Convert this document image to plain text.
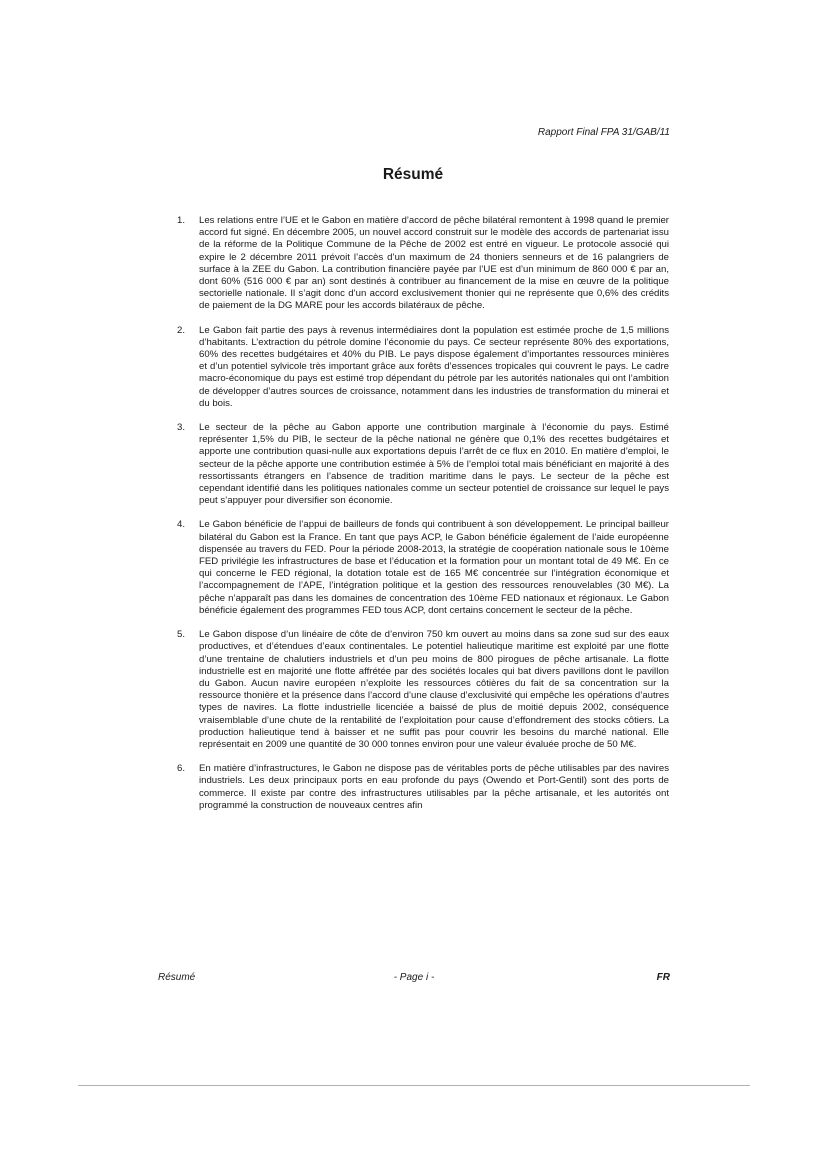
Rapport Final FPA 31/GAB/11
Résumé
1.	Les relations entre l’UE et le Gabon en matière d’accord de pêche bilatéral remontent à 1998 quand le premier accord fut signé. En décembre 2005, un nouvel accord construit sur le modèle des accords de partenariat issu de la réforme de la Politique Commune de la Pêche de 2002 est entré en vigueur. Le protocole associé qui expire le 2 décembre 2011 prévoit l’accès d’un maximum de 24 thoniers senneurs et de 16 palangriers de surface à la ZEE du Gabon. La contribution financière payée par l’UE est d’un minimum de 860 000 € par an, dont 60% (516 000 € par an) sont destinés à contribuer au financement de la mise en œuvre de la politique sectorielle nationale. Il s’agit donc d’un accord exclusivement thonier qui ne représente que 0,6% des crédits de paiement de la DG MARE pour les accords bilatéraux de pêche.
2.	Le Gabon fait partie des pays à revenus intermédiaires dont la population est estimée proche de 1,5 millions d’habitants. L’extraction du pétrole domine l’économie du pays. Ce secteur représente 80% des exportations, 60% des recettes budgétaires et 40% du PIB. Le pays dispose également d’importantes ressources minières et d’un potentiel sylvicole très important grâce aux forêts d’essences tropicales qui couvrent le pays. Le cadre macro-économique du pays est estimé trop dépendant du pétrole par les autorités nationales qui ont l’ambition de développer d’autres sources de croissance, notamment dans les industries de transformation du minerai et du bois.
3.	Le secteur de la pêche au Gabon apporte une contribution marginale à l’économie du pays. Estimé représenter 1,5% du PIB, le secteur de la pêche national ne génère que 0,1% des recettes budgétaires et apporte une contribution quasi-nulle aux exportations depuis l’arrêt de ce flux en 2010. En matière d’emploi, le secteur de la pêche apporte une contribution estimée à 5% de l’emploi total mais bénéficiant en majorité à des ressortissants étrangers en l’absence de tradition maritime dans le pays. Le secteur de la pêche est cependant identifié dans les politiques nationales comme un secteur potentiel de croissance sur lequel le pays peut s’appuyer pour diversifier son économie.
4.	Le Gabon bénéficie de l’appui de bailleurs de fonds qui contribuent à son développement. Le principal bailleur bilatéral du Gabon est la France. En tant que pays ACP, le Gabon bénéficie également de l’aide européenne dispensée au travers du FED. Pour la période 2008-2013, la stratégie de coopération nationale sous le 10ème FED privilégie les infrastructures de base et l’éducation et la formation pour un montant total de 49 M€. En ce qui concerne le FED régional, la dotation totale est de 165 M€ concentrée sur l’intégration économique et l’accompagnement de l’APE, l’intégration politique et la gestion des ressources renouvelables (30 M€). La pêche n’apparaît pas dans les domaines de concentration des 10ème FED nationaux et régionaux. Le Gabon bénéficie également des programmes FED tous ACP, dont certains concernent le secteur de la pêche.
5.	Le Gabon dispose d’un linéaire de côte de d’environ 750 km ouvert au moins dans sa zone sud sur des eaux productives, et d’étendues d’eaux continentales. Le potentiel halieutique maritime est exploité par une flotte d’une trentaine de chalutiers industriels et d’un peu moins de 800 pirogues de pêche artisanale. La flotte industrielle est en majorité une flotte affrétée par des sociétés locales qui bat divers pavillons dont le pavillon du Gabon. Aucun navire européen n’exploite les ressources côtières du fait de sa concentration sur la ressource thonière et la présence dans l’accord d’une clause d’exclusivité qui empêche les opérations d’autres types de navires. La flotte industrielle licenciée a baissé de plus de moitié depuis 2002, conséquence vraisemblable d’une chute de la rentabilité de l’exploitation pour cause d’effondrement des stocks côtiers. La production halieutique tend à baisser et ne suffit pas pour couvrir les besoins du marché national. Elle représentait en 2009 une quantité de 30 000 tonnes environ pour une valeur évaluée proche de 50 M€.
6.	En matière d’infrastructures, le Gabon ne dispose pas de véritables ports de pêche utilisables par des navires industriels. Les deux principaux ports en eau profonde du pays (Owendo et Port-Gentil) sont des ports de commerce. Il existe par contre des infrastructures utilisables par la pêche artisanale, et les autorités ont programmé la construction de nouveaux centres afin
Résumé	- Page i -	FR
